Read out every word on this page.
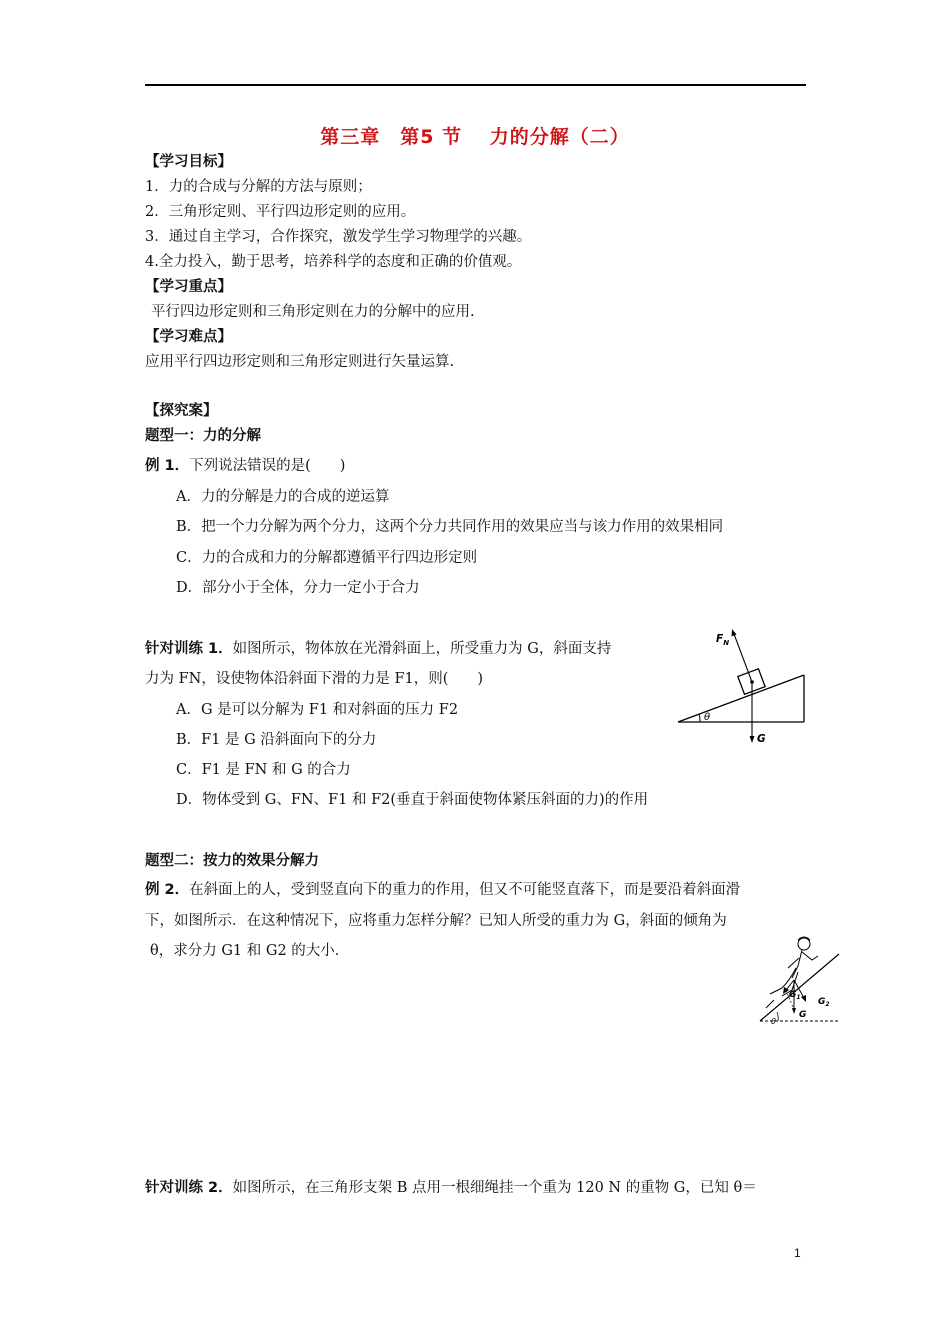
第三章　第5 节　 力的分解（二）
【学习目标】
1．力的合成与分解的方法与原则；
2．三角形定则、平行四边形定则的应用。
3．通过自主学习，合作探究，激发学生学习物理学的兴趣。
4.全力投入，勤于思考，培养科学的态度和正确的价值观。
【学习重点】
平行四边形定则和三角形定则在力的分解中的应用.
【学习难点】
应用平行四边形定则和三角形定则进行矢量运算.
【探究案】
题型一：力的分解
例 1．下列说法错误的是(　　)
A．力的分解是力的合成的逆运算
B．把一个力分解为两个分力，这两个分力共同作用的效果应当与该力作用的效果相同
C．力的合成和力的分解都遵循平行四边形定则
D．部分小于全体，分力一定小于合力
针对训练 1．如图所示，物体放在光滑斜面上，所受重力为 G，斜面支持
力为 FN，设使物体沿斜面下滑的力是 F1，则(　　)
A．G 是可以分解为 F1 和对斜面的压力 F2
B．F1 是 G 沿斜面向下的分力
C．F1 是 FN 和 G 的合力
D．物体受到 G、FN、F1 和 F2(垂直于斜面使物体紧压斜面的力)的作用
θ
$F_N$
G
题型二：按力的效果分解力
例 2．在斜面上的人，受到竖直向下的重力的作用，但又不可能竖直落下，而是要沿着斜面滑
下，如图所示．在这种情况下，应将重力怎样分解？已知人所受的重力为 G，斜面的倾角为
θ，求分力 G1 和 G2 的大小．
$G_1$ $G_2$
G
θ
针对训练 2．如图所示，在三角形支架 B 点用一根细绳挂一个重为 120 N 的重物 G，已知 θ＝
1
